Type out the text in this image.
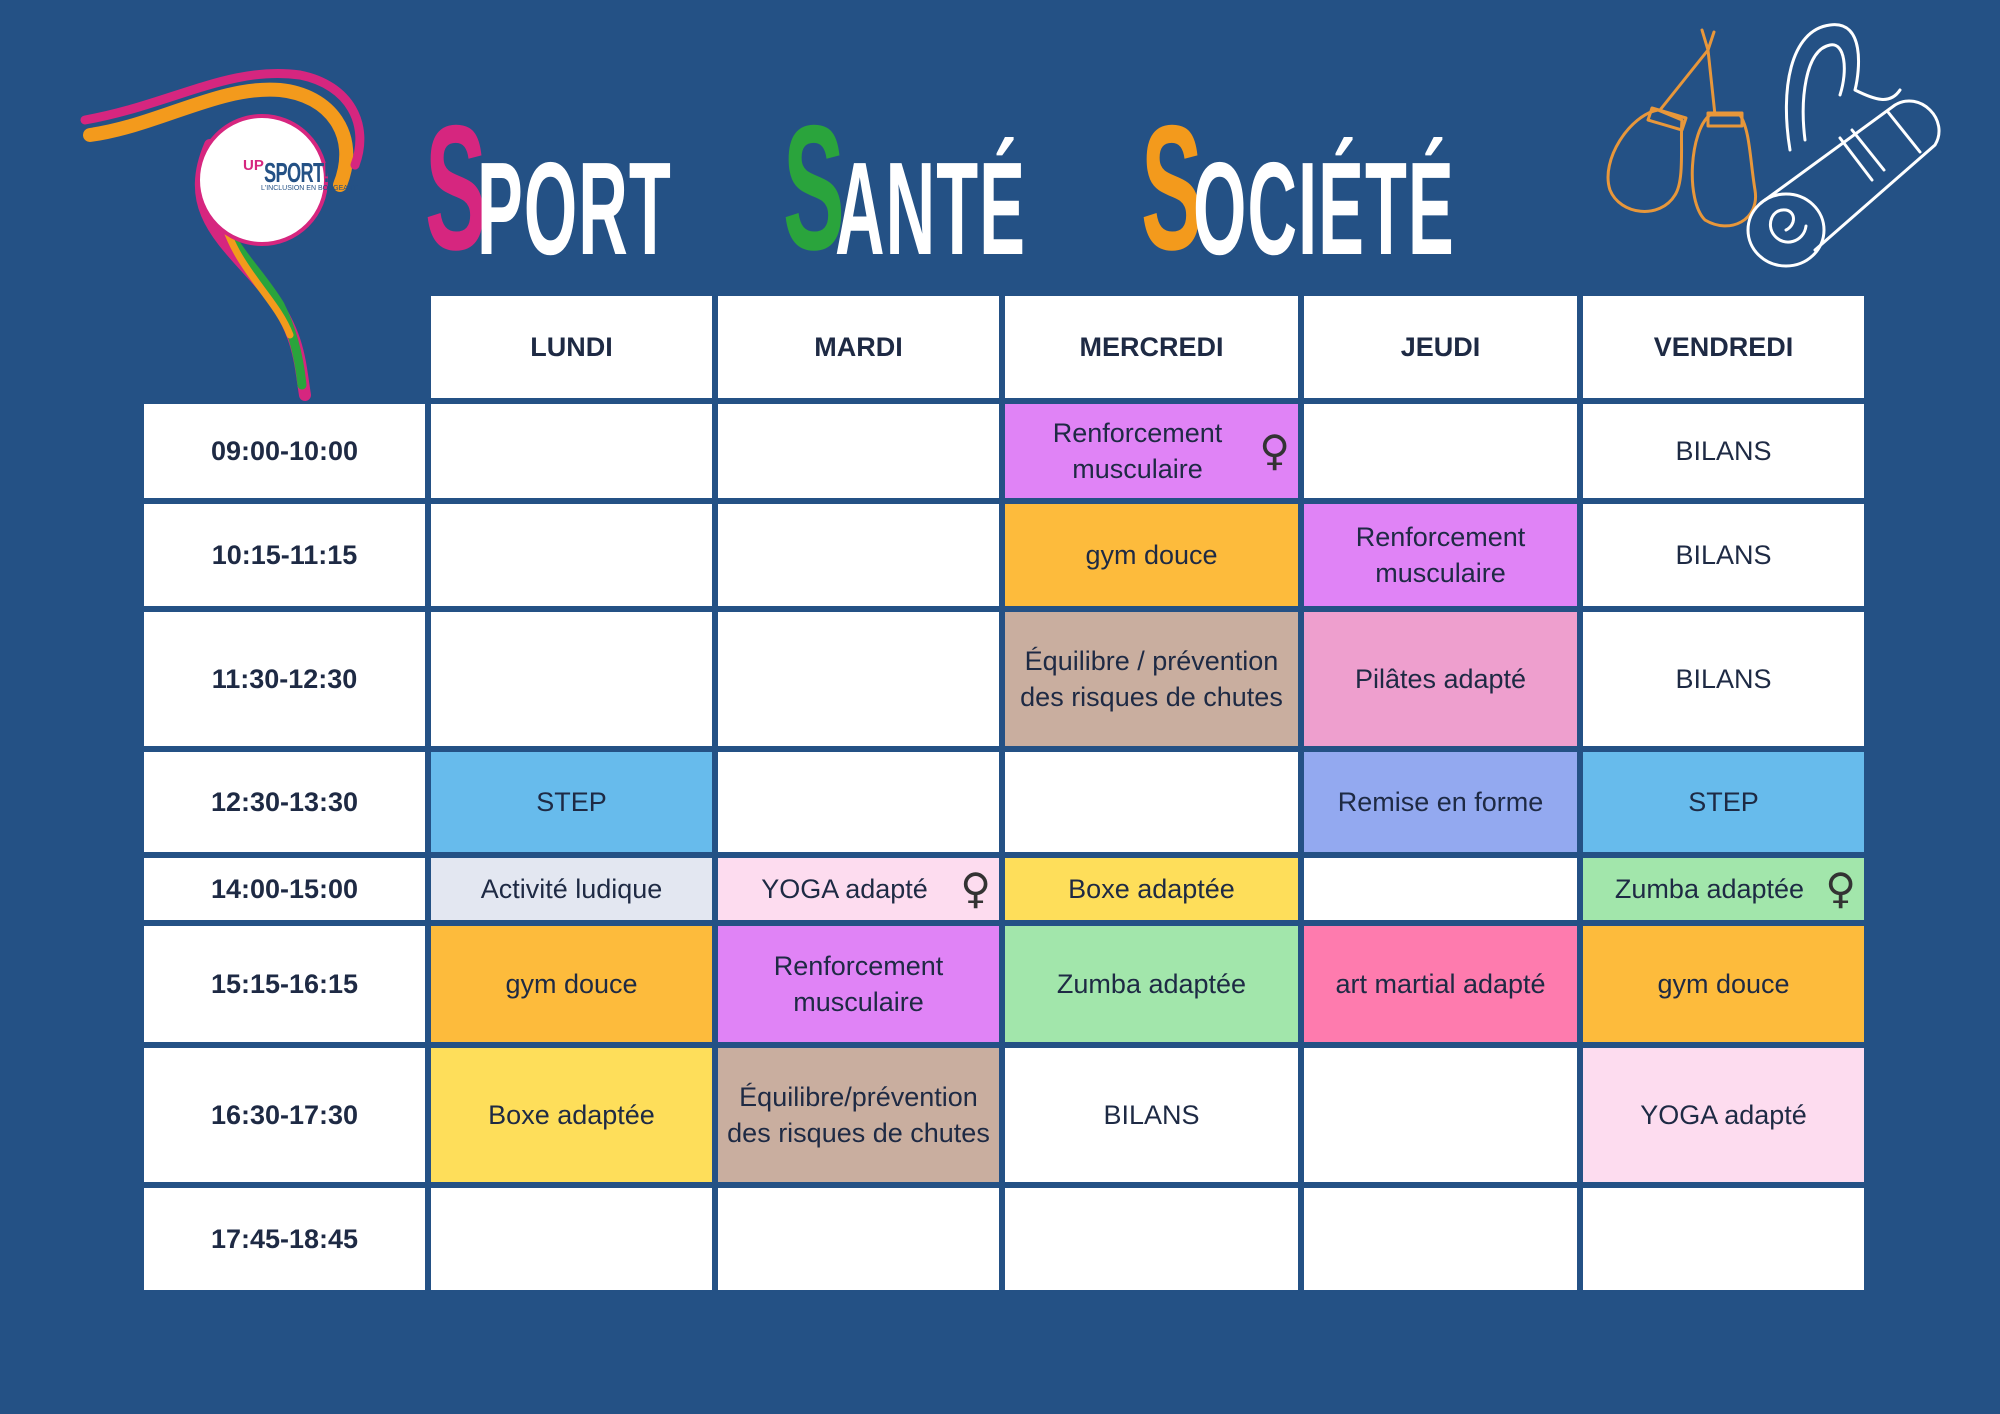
UPSPORT!
L'INCLUSION EN BOUGEANT S
PORT S
ANTÉ S
OCIÉTÉ
	LUNDI	MARDI	MERCREDI	JEUDI	VENDREDI
09:00-10:00			Renforcement musculaire ♀		BILANS
10:15-11:15			gym douce	Renforcement musculaire	BILANS
11:30-12:30			Équilibre / prévention des risques de chutes	Pilâtes adapté	BILANS
12:30-13:30	STEP			Remise en forme	STEP
14:00-15:00	Activité ludique	YOGA adapté ♀	Boxe adaptée		Zumba adaptée ♀

15:15-16:15	gym douce	Renforcement musculaire	Zumba adaptée	art martial adapté	gym douce
16:30-17:30	Boxe adaptée	Équilibre/prévention des risques de chutes	BILANS		YOGA adapté
17:45-18:45					
